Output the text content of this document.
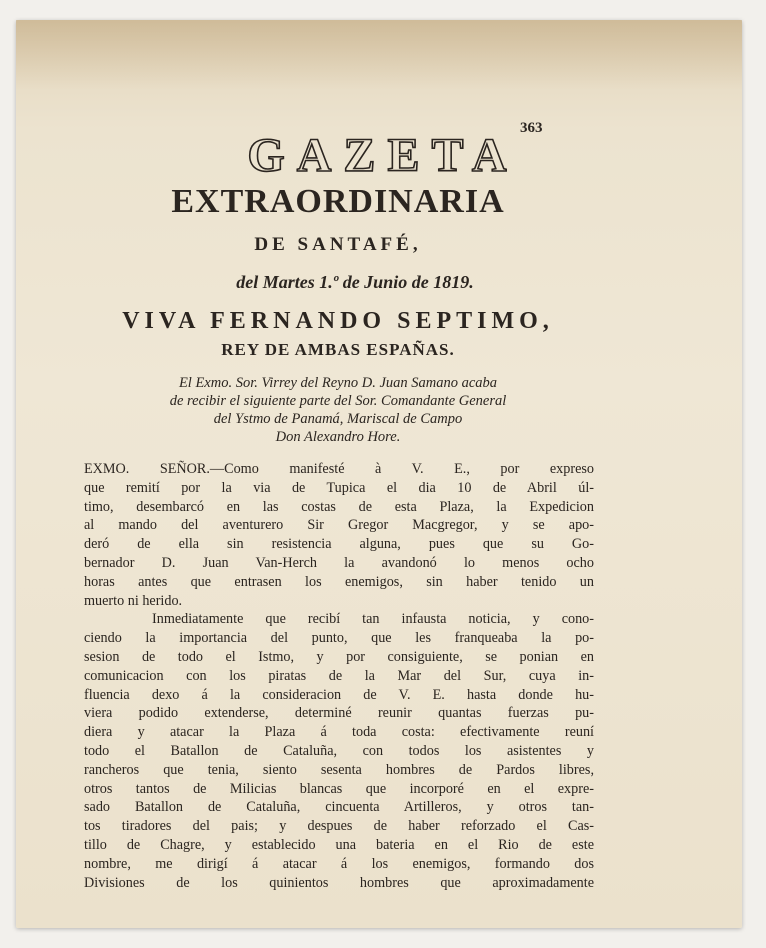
363
GAZETA
EXTRAORDINARIA
DE SANTAFÉ,
del Martes 1.º de Junio de 1819.
VIVA FERNANDO SEPTIMO,
REY DE AMBAS ESPAÑAS.
El Exmo. Sor. Virrey del Reyno D. Juan Samano acaba
de recibir el siguiente parte del Sor. Comandante General
del Ystmo de Panamá, Mariscal de Campo
Don Alexandro Hore.
EXMO. SEÑOR.—Como manifesté à V. E., por expreso
que remití por la via de Tupica el dia 10 de Abril úl-
timo, desembarcó en las costas de esta Plaza, la Expedicion
al mando del aventurero Sir Gregor Macgregor, y se apo-
deró de ella sin resistencia alguna, pues que su Go-
bernador D. Juan Van-Herch la avandonó lo menos ocho
horas antes que entrasen los enemigos, sin haber tenido un
muerto ni herido.
Inmediatamente que recibí tan infausta noticia, y cono-
ciendo la importancia del punto, que les franqueaba la po-
sesion de todo el Istmo, y por consiguiente, se ponian en
comunicacion con los piratas de la Mar del Sur, cuya in-
fluencia dexo á la consideracion de V. E. hasta donde hu-
viera podido extenderse, determiné reunir quantas fuerzas pu-
diera y atacar la Plaza á toda costa: efectivamente reuní
todo el Batallon de Cataluña, con todos los asistentes y
rancheros que tenia, siento sesenta hombres de Pardos libres,
otros tantos de Milicias blancas que incorporé en el expre-
sado Batallon de Cataluña, cincuenta Artilleros, y otros tan-
tos tiradores del pais; y despues de haber reforzado el Cas-
tillo de Chagre, y establecido una bateria en el Rio de este
nombre, me dirigí á atacar á los enemigos, formando dos
Divisiones de los quinientos hombres que aproximadamente
